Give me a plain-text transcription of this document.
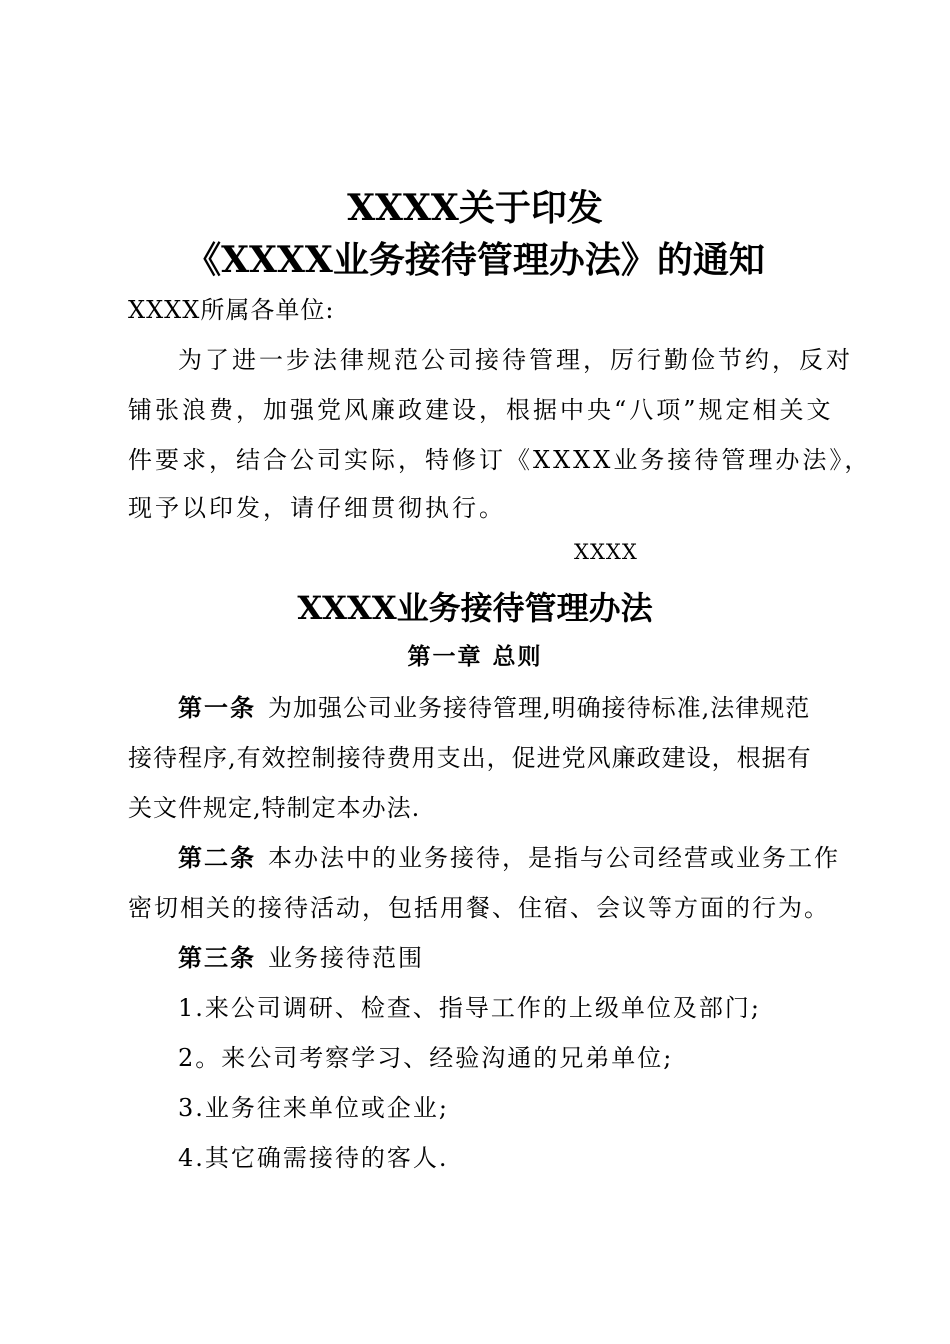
XXXX关于印发
《XXXX业务接待管理办法》的通知
XXXX所属各单位:
为了进一步法律规范公司接待管理，厉行勤俭节约，反对
铺张浪费，加强党风廉政建设，根据中央“八项”规定相关文
件要求，结合公司实际，特修订《XXXX业务接待管理办法》，
现予以印发，请仔细贯彻执行。
XXXX
XXXX业务接待管理办法
第一章 总则
第一条 为加强公司业务接待管理,明确接待标准,法律规范
接待程序,有效控制接待费用支出，促进党风廉政建设，根据有
关文件规定,特制定本办法.
第二条 本办法中的业务接待，是指与公司经营或业务工作
密切相关的接待活动，包括用餐、住宿、会议等方面的行为。
第三条 业务接待范围
1.来公司调研、检查、指导工作的上级单位及部门;
2。来公司考察学习、经验沟通的兄弟单位;
3.业务往来单位或企业;
4.其它确需接待的客人.
